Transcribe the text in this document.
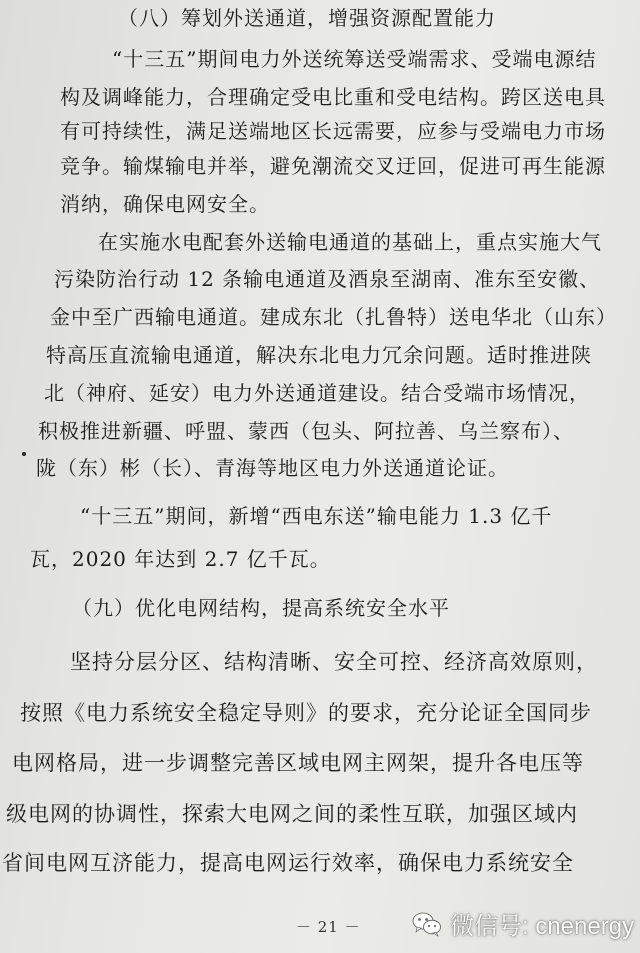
（八）筹划外送通道，增强资源配置能力
“十三五”期间电力外送统筹送受端需求、受端电源结
构及调峰能力，合理确定受电比重和受电结构。跨区送电具
有可持续性，满足送端地区长远需要，应参与受端电力市场
竞争。输煤输电并举，避免潮流交叉迂回，促进可再生能源
消纳，确保电网安全。
在实施水电配套外送输电通道的基础上，重点实施大气
污染防治行动 12 条输电通道及酒泉至湖南、准东至安徽、
金中至广西输电通道。建成东北（扎鲁特）送电华北（山东）
特高压直流输电通道，解决东北电力冗余问题。适时推进陕
北（神府、延安）电力外送通道建设。结合受端市场情况，
积极推进新疆、呼盟、蒙西（包头、阿拉善、乌兰察布）、
陇（东）彬（长）、青海等地区电力外送通道论证。
“十三五”期间，新增“西电东送”输电能力 1.3 亿千
瓦，2020 年达到 2.7 亿千瓦。
（九）优化电网结构，提高系统安全水平
坚持分层分区、结构清晰、安全可控、经济高效原则，
按照《电力系统安全稳定导则》的要求，充分论证全国同步
电网格局，进一步调整完善区域电网主网架，提升各电压等
级电网的协调性，探索大电网之间的柔性互联，加强区域内
省间电网互济能力，提高电网运行效率，确保电力系统安全
－ 21 －	微信号: cnenergy
